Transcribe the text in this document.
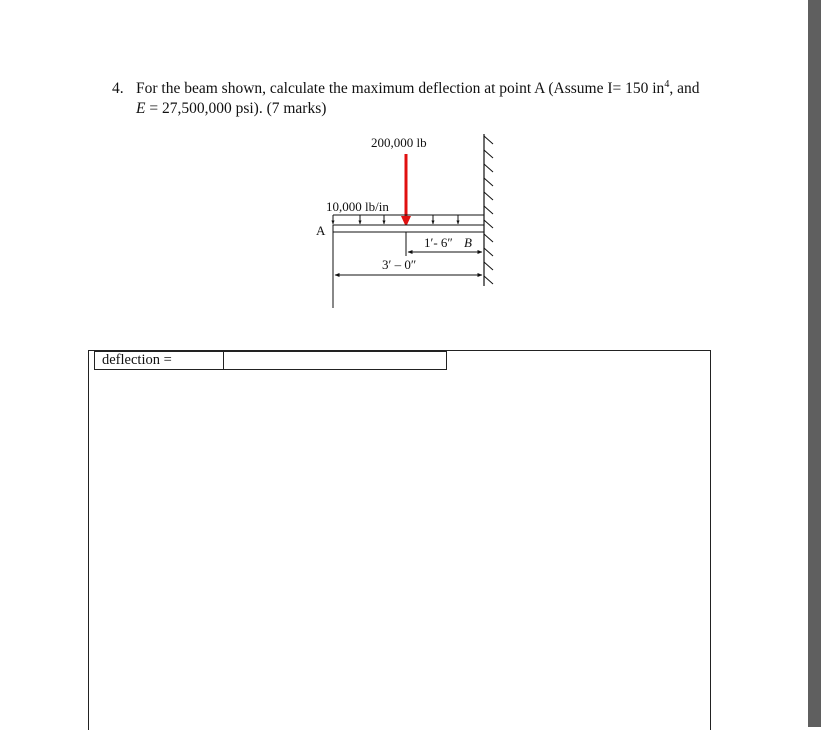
4. For the beam shown, calculate the maximum deflection at point A (Assume I= 150 $in^4$, and
E = 27,500,000 psi). (7 marks)
200,000 lb
10,000 lb/in
A
1′- 6″ B
3′ – 0″
deflection =
